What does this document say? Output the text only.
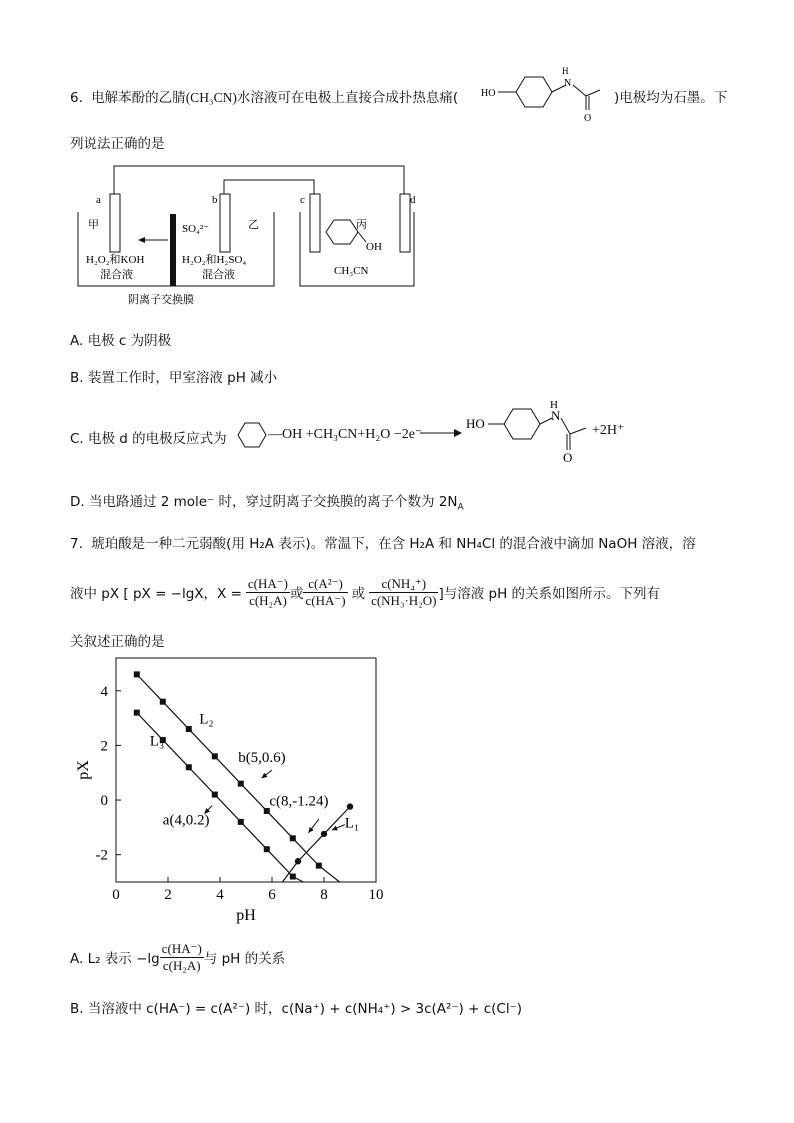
6. 电解苯酚的乙腈(CH₃CN)水溶液可在电极上直接合成扑热息痛( HO
H
N
O
)电极均为石墨。下
列说法正确的是
a	b	c	d
甲	乙	丙
SO₄²⁻
H₂O₂和KOH
混合液
H₂O₂和H₂SO₄
混合液
阴离子交换膜
OH
CH₃CN
A. 电极 c 为阴极
B. 装置工作时，甲室溶液 pH 减小
C. 电极 d 的电极反应式为	—OH +CH₃CN+H₂O −2e⁻
HO
H
N
O
+2H⁺
D. 当电路通过 2 mole⁻ 时，穿过阴离子交换膜的离子个数为 $2N_A$
7. 琥珀酸是一种二元弱酸(用 H₂A 表示)。常温下，在含 H₂A 和 NH₄Cl 的混合液中滴加 NaOH 溶液，溶
液中 pX [ pX = −lgX，$X = \frac{c(HA^-)}{\text{c(H₂A)}}$ 或 $\frac{\text{c(A²⁻)}}{c(HA^-)}$ 或 $\frac{\text{c(NH₄⁺)}}{\text{c(NH₃·H₂O)}}$ ]与溶液 pH 的关系如图所示。下列有
关叙述正确的是
0	2	4	6	8	10
4
2
0
-2
pH
pX
L₂
L₃
b(5,0.6)
a(4,0.2)
c(8,-1.24)
L₁
A. L₂ 表示 $-\lg \frac{c(HA^-)}{\text{c(H₂A)}}$ 与 pH 的关系
B. 当溶液中 c(HA⁻) = c(A²⁻) 时，c(Na⁺) + c(NH₄⁺) > 3c(A²⁻) + c(Cl⁻)
